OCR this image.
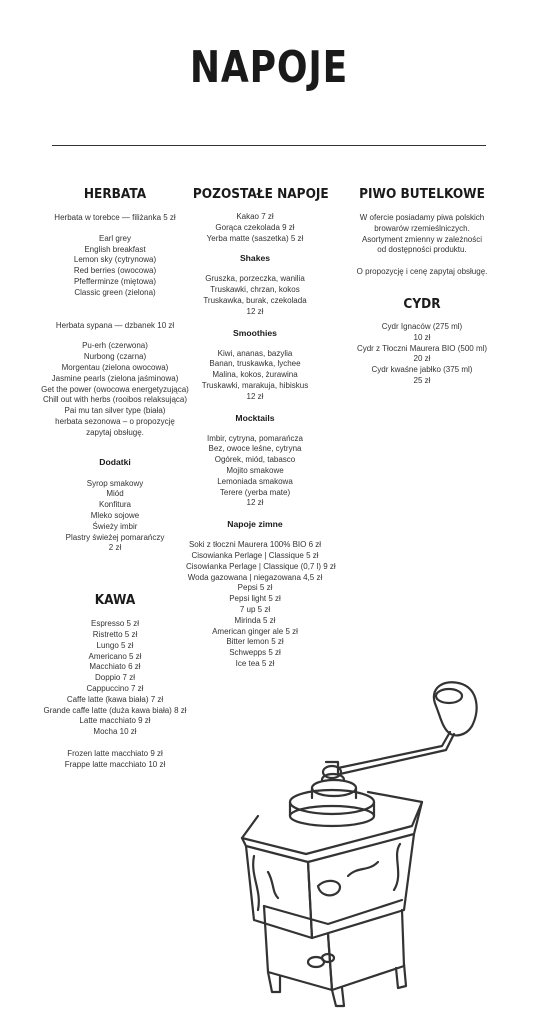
NAPOJE
HERBATA
Herbata w torebce — filiżanka 5 zł
Earl grey
English breakfast
Lemon sky (cytrynowa)
Red berries (owocowa)
Pfefferminze (miętowa)
Classic green (zielona)
Herbata sypana — dzbanek 10 zł
Pu-erh (czerwona)
Nurbong (czarna)
Morgentau (zielona owocowa)
Jasmine pearls (zielona jaśminowa)
Get the power (owocowa energetyzująca)
Chill out with herbs (rooibos relaksująca)
Pai mu tan silver type (biała)
herbata sezonowa – o propozycję
zapytaj obsługę.
Dodatki
Syrop smakowy
Miód
Konfitura
Mleko sojowe
Świeży imbir
Plastry świeżej pomarańczy
2 zł
KAWA
Espresso 5 zł
Ristretto 5 zł
Lungo 5 zł
Americano 5 zł
Macchiato 6 zł
Doppio 7 zł
Cappuccino 7 zł
Caffe latte (kawa biała) 7 zł
Grande caffe latte (duża kawa biała) 8 zł
Latte macchiato 9 zł
Mocha 10 zł
Frozen latte macchiato 9 zł
Frappe latte macchiato 10 zł
POZOSTAŁE NAPOJE
Kakao 7 zł
Gorąca czekolada 9 zł
Yerba matte (saszetka) 5 zł
Shakes
Gruszka, porzeczka, wanilia
Truskawki, chrzan, kokos
Truskawka, burak, czekolada
12 zł
Smoothies
Kiwi, ananas, bazylia
Banan, truskawka, lychee
Malina, kokos, żurawina
Truskawki, marakuja, hibiskus
12 zł
Mocktails
Imbir, cytryna, pomarańcza
Bez, owoce leśne, cytryna
Ogórek, miód, tabasco
Mojito smakowe
Lemoniada smakowa
Terere (yerba mate)
12 zł
Napoje zimne
Soki z tłoczni Maurera 100% BIO 6 zł
Cisowianka Perlage | Classique 5 zł
Cisowianka Perlage | Classique (0,7 l) 9 zł
Woda gazowana | niegazowana 4,5 zł
Pepsi 5 zł
Pepsi light 5 zł
7 up 5 zł
Mirinda 5 zł
American ginger ale 5 zł
Bitter lemon 5 zł
Schwepps 5 zł
Ice tea 5 zł
PIWO BUTELKOWE
W ofercie posiadamy piwa polskich
browarów rzemieślniczych.
Asortyment zmienny w zależności
od dostępności produktu.
O propozycję i cenę zapytaj obsługę.
CYDR
Cydr Ignaców (275 ml)
10 zł
Cydr z Tłoczni Maurera BIO (500 ml)
20 zł
Cydr kwaśne jabłko (375 ml)
25 zł
